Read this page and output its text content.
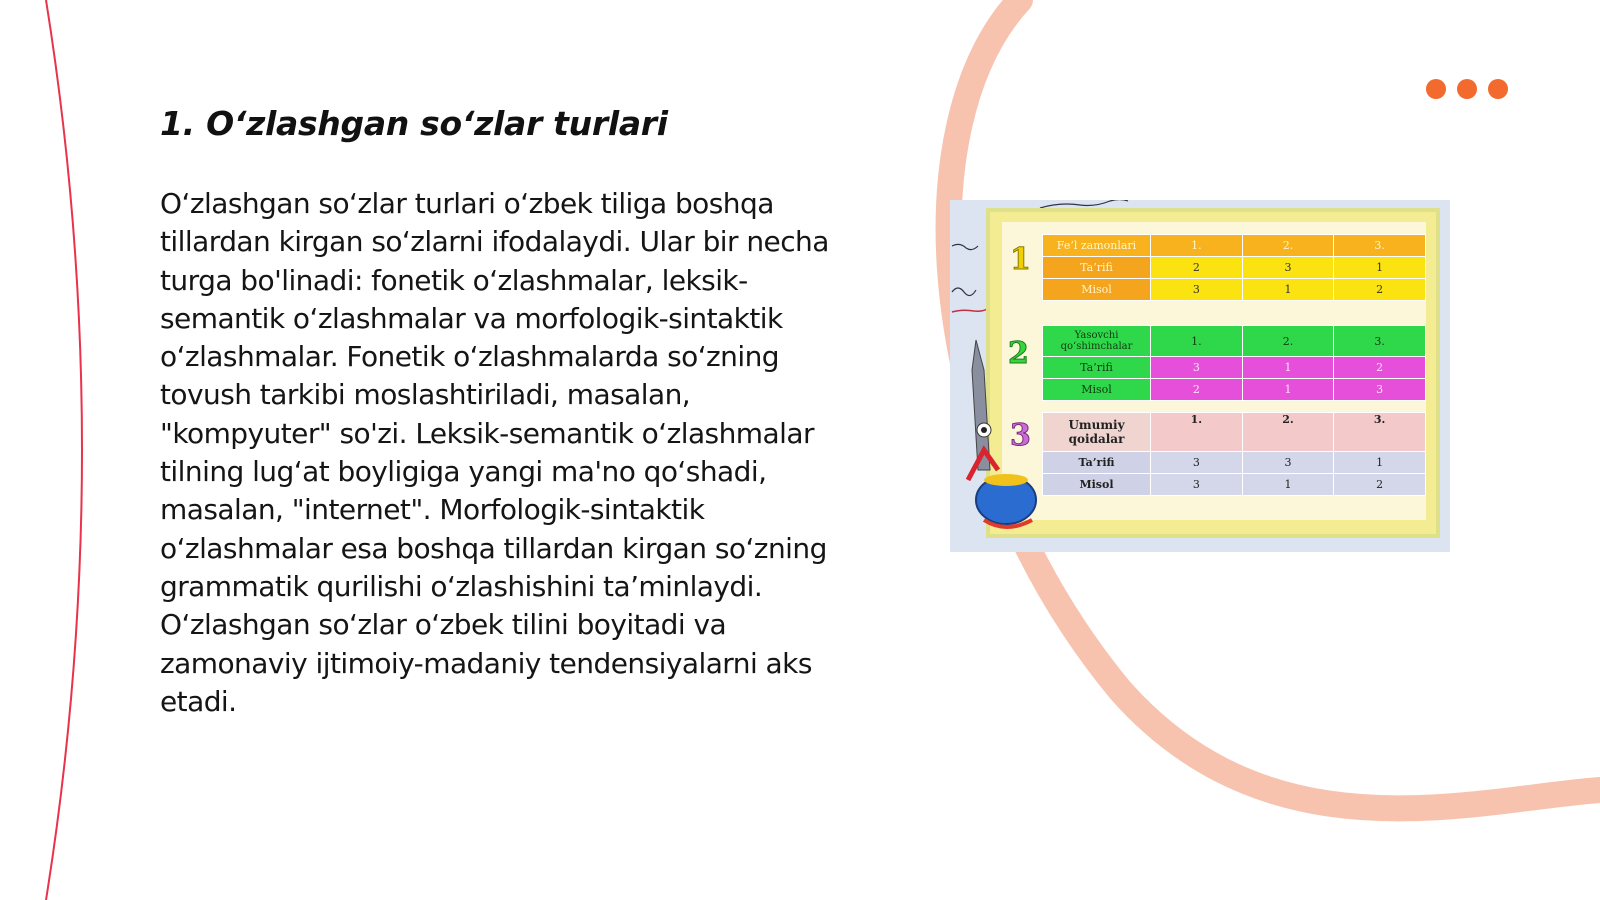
1. O‘zlashgan so‘zlar turlari

O‘zlashgan so‘zlar turlari o‘zbek tiliga boshqa tillardan kirgan so‘zlarni ifodalaydi. Ular bir necha turga bo'linadi: fonetik o‘zlashmalar, leksik-semantik o‘zlashmalar va morfologik-sintaktik o‘zlashmalar. Fonetik o‘zlashmalarda so‘zning tovush tarkibi moslashtiriladi, masalan, "kompyuter" so'zi. Leksik-semantik o‘zlashmalar tilning lug‘at boyligiga yangi ma'no qo‘shadi, masalan, "internet". Morfologik-sintaktik o‘zlashmalar esa boshqa tillardan kirgan so‘zning grammatik qurilishi o‘zlashishini ta’minlaydi. O‘zlashgan so‘zlar o‘zbek tilini boyitadi va zamonaviy ijtimoiy-madaniy tendensiyalarni aks etadi.

1
2
3
Fe’l zamonlari	1.	2.	3.
Ta’rifi	2	3	1
Misol	3	1	2
Yasovchi qo‘shimchalar	1.	2.	3.
Ta’rifi	3	1	2
Misol	2	1	3
Umumiy qoidalar	1.	2.	3.
Ta’rifi	3	3	1
Misol	3	1	2
